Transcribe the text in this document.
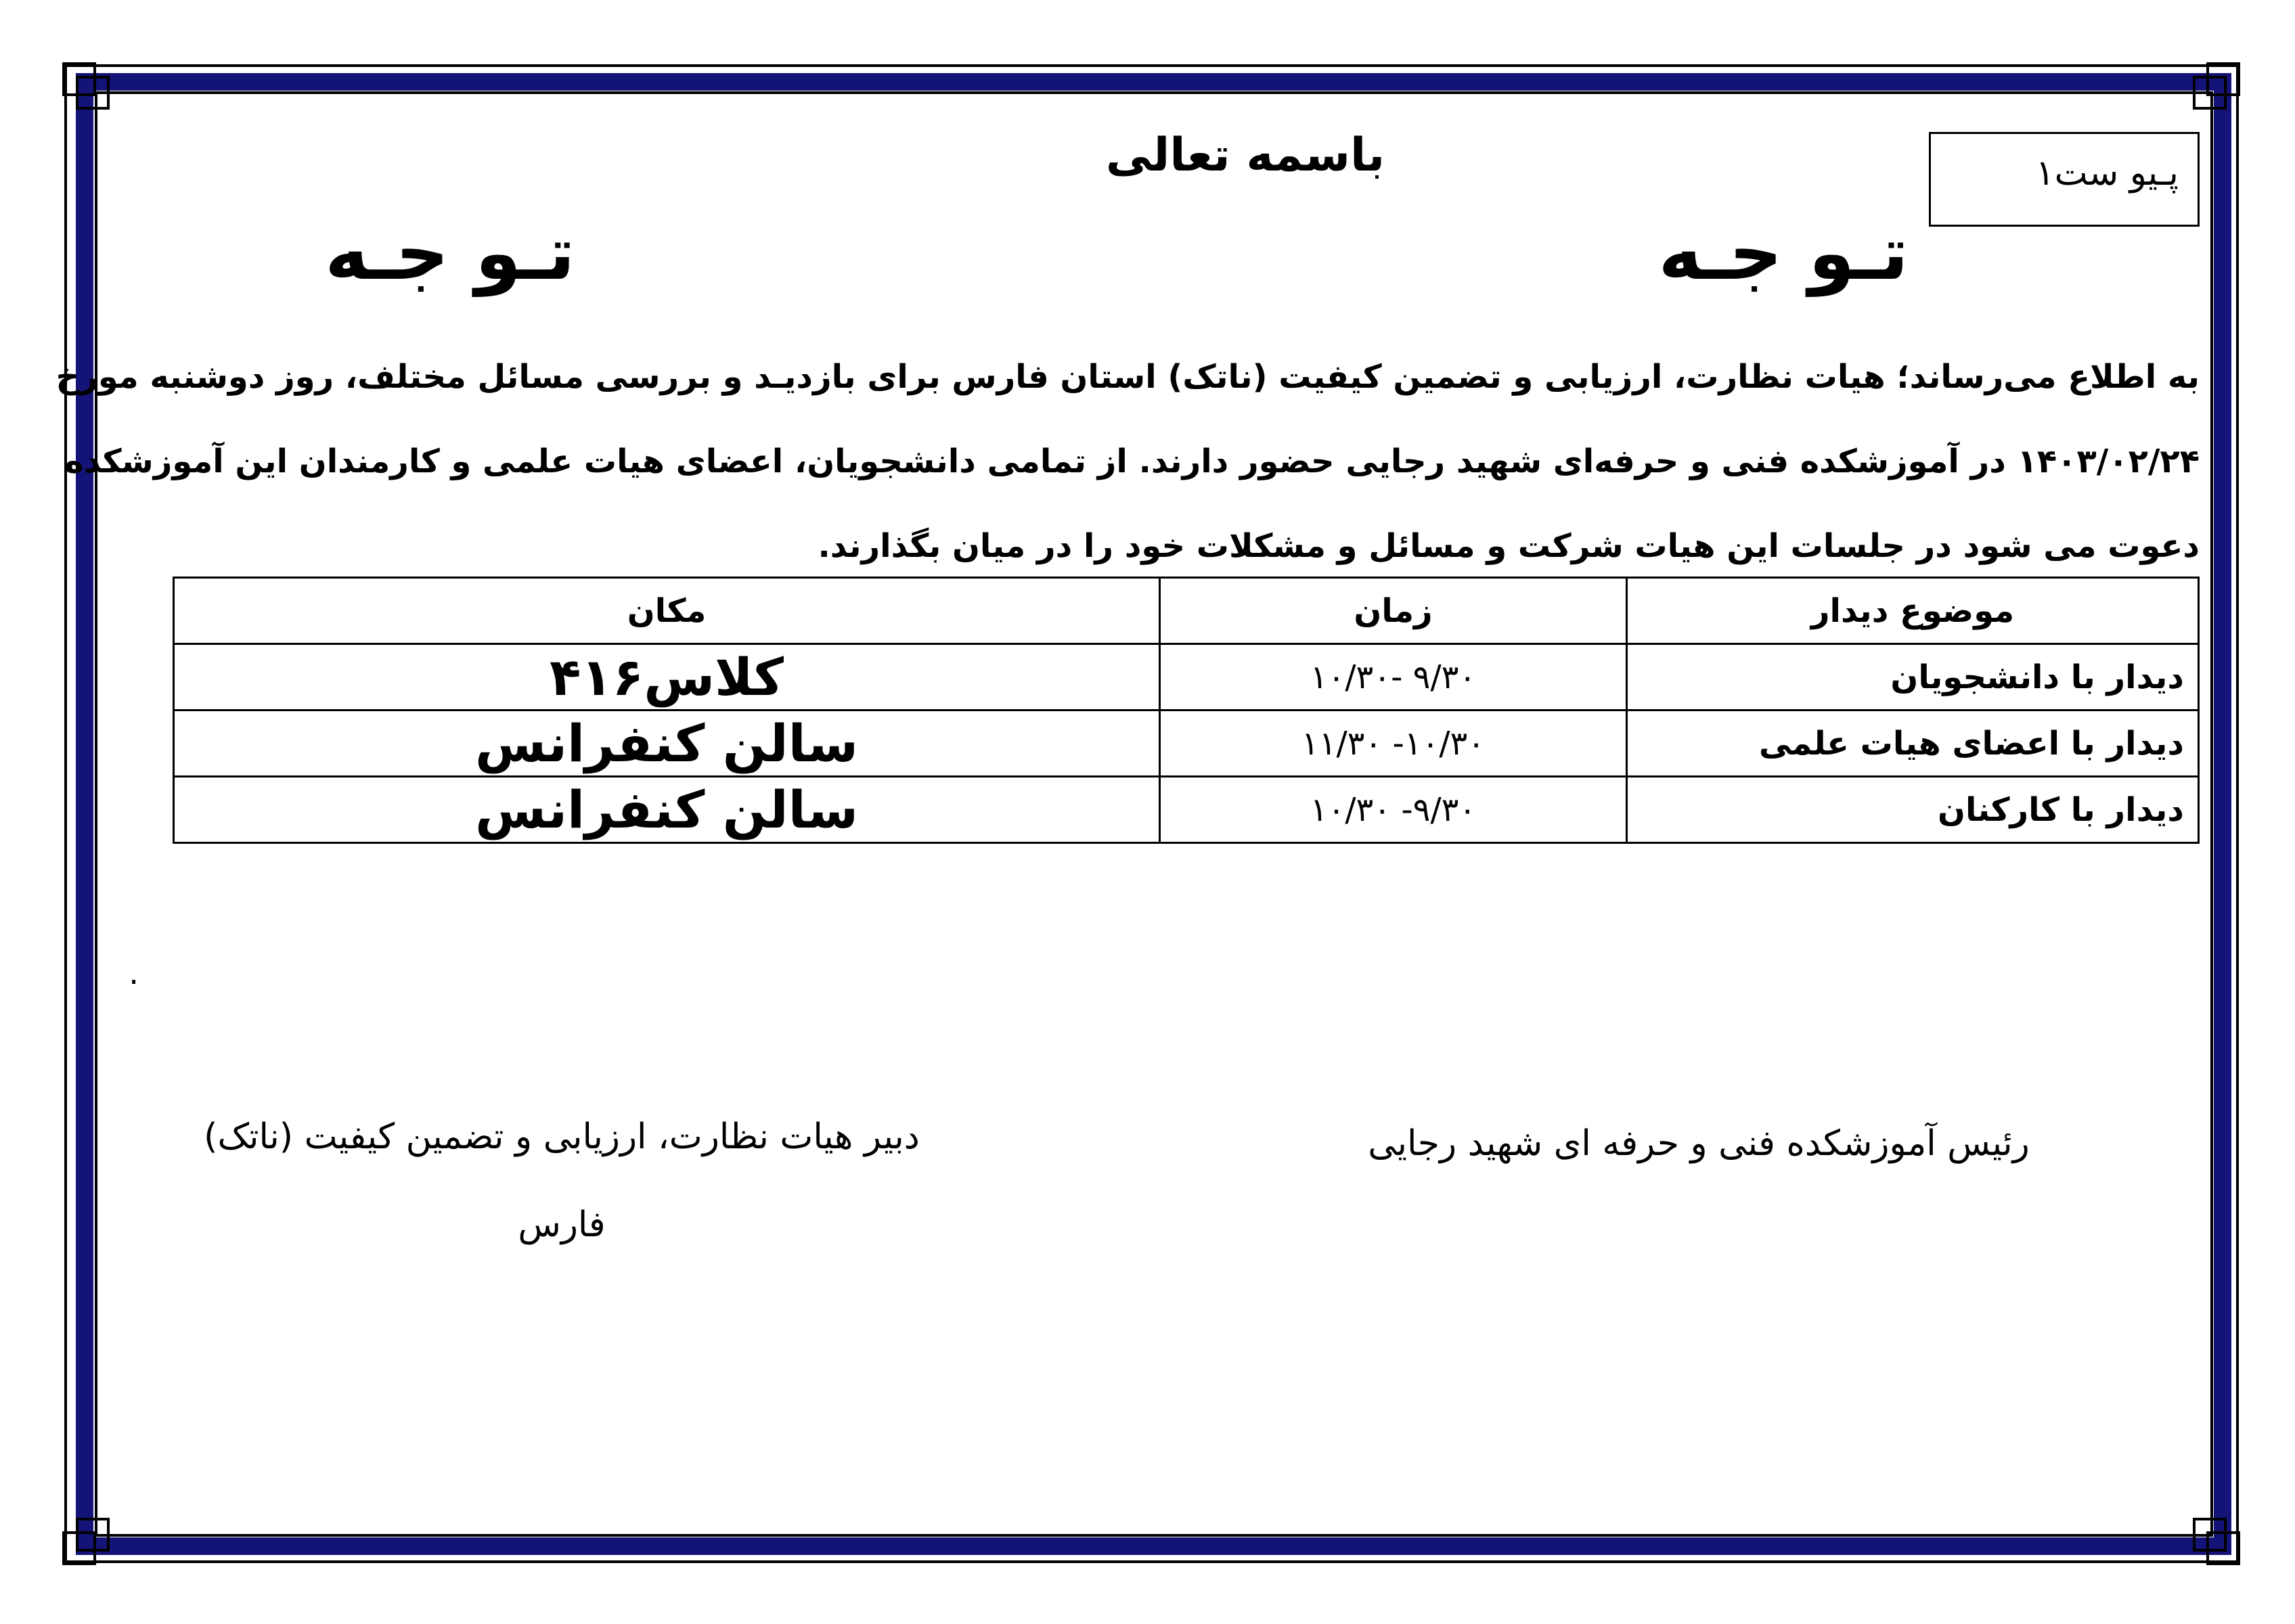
باسمه تعالی	پـیو ست۱
تـو جـه
تـو جـه
به اطلاع می‌رساند؛ هیات نظارت، ارزیابی و تضمین کیفیت (ناتک) استان فارس برای بازدیـد و بررسی مسائل مختلف، روز دوشنبه مورخ
۱۴۰۳/۰۲/۲۴ در آموزشکده فنی و حرفه‌ای شهید رجایی حضور دارند. از تمامی دانشجویان، اعضای هیات علمی و کارمندان این آموزشکده
دعوت می شود در جلسات این هیات شرکت و مسائل و مشکلات خود را در میان بگذارند.
موضوع دیدار	زمان	مکان
دیدار با دانشجویان	۹/۳۰ -۱۰/۳۰	کلاس۴۱۶
دیدار با اعضای هیات علمی	۱۰/۳۰- ۱۱/۳۰	سالن کنفرانس
دیدار با کارکنان	۹/۳۰- ۱۰/۳۰	سالن کنفرانس
.
رئیس آموزشکده فنی و حرفه ای شهید رجایی
دبیر هیات نظارت، ارزیابی و تضمین کیفیت (ناتک)
فارس
